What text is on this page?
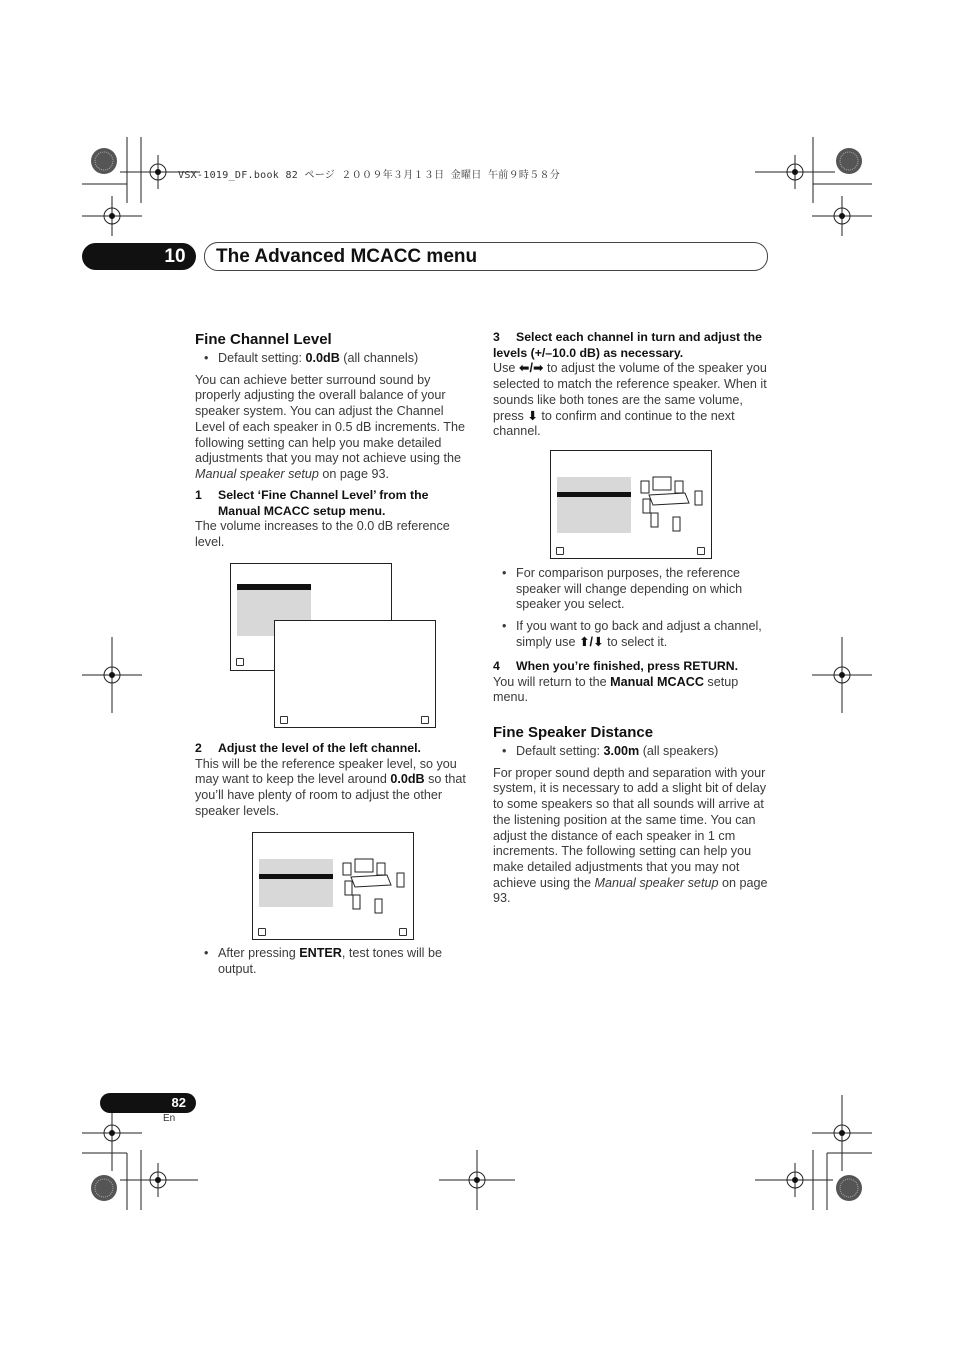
VSX-1019_DF.book 82 ページ ２００９年３月１３日 金曜日 午前９時５８分
10	The Advanced MCACC menu
Fine Channel Level
• Default setting: 0.0dB (all channels)
You can achieve better surround sound by properly adjusting the overall balance of your speaker system. You can adjust the Channel Level of each speaker in 0.5 dB increments. The following setting can help you make detailed adjustments that you may not achieve using the Manual speaker setup on page 93.
1 Select ‘Fine Channel Level’ from the Manual MCACC setup menu.
The volume increases to the 0.0 dB reference level.
2 Adjust the level of the left channel.
This will be the reference speaker level, so you may want to keep the level around 0.0dB so that you’ll have plenty of room to adjust the other speaker levels.
• After pressing ENTER, test tones will be output.
3 Select each channel in turn and adjust the levels (+/–10.0 dB) as necessary.
Use ⬅/➡ to adjust the volume of the speaker you selected to match the reference speaker. When it sounds like both tones are the same volume, press ⬇ to confirm and continue to the next channel.
• For comparison purposes, the reference speaker will change depending on which speaker you select.
• If you want to go back and adjust a channel, simply use ⬆/⬇ to select it.
4 When you’re finished, press RETURN.
You will return to the Manual MCACC setup menu.
Fine Speaker Distance
• Default setting: 3.00m (all speakers)
For proper sound depth and separation with your system, it is necessary to add a slight bit of delay to some speakers so that all sounds will arrive at the listening position at the same time. You can adjust the distance of each speaker in 1 cm increments. The following setting can help you make detailed adjustments that you may not achieve using the Manual speaker setup on page 93.
82
En
